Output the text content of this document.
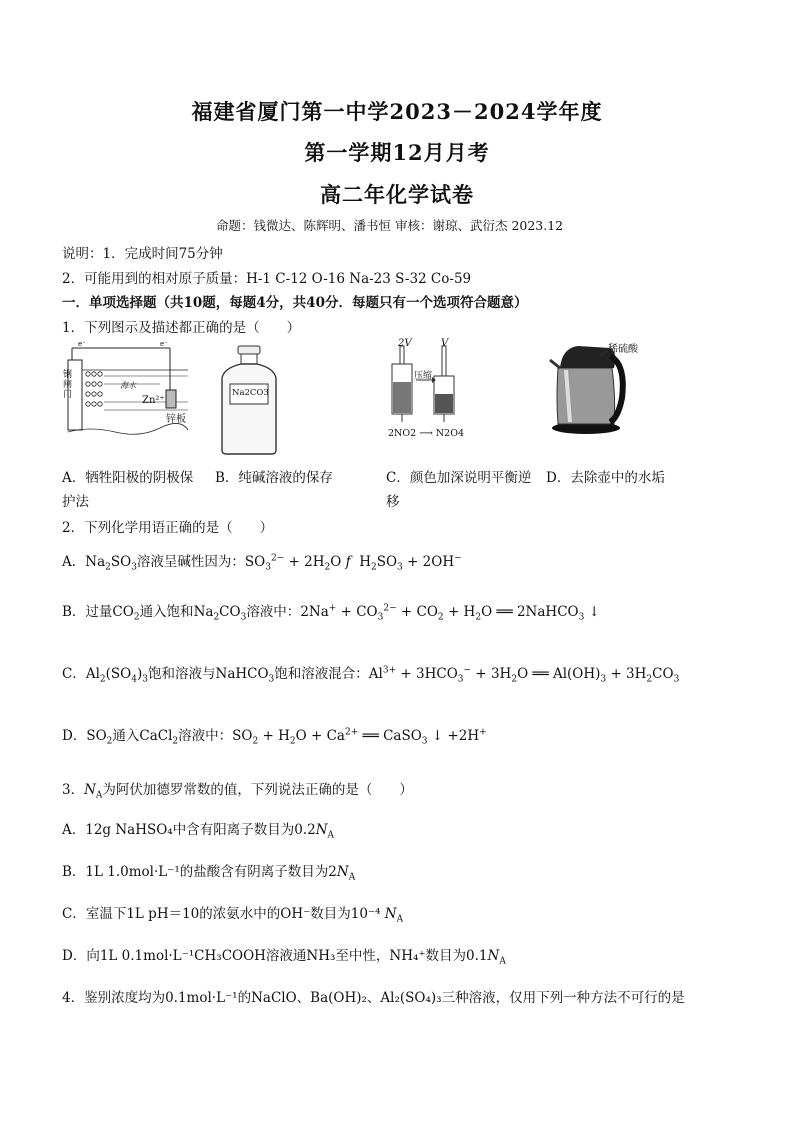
福建省厦门第一中学2023－2024学年度
第一学期12月月考
高二年化学试卷
命题：钱微达、陈辉明、潘书恒 审核：谢琼、武衍杰 2023.12
说明：1．完成时间75分钟
2．可能用到的相对原子质量：H-1 C-12 O-16 Na-23 S-32 Co-59
一．单项选择题（共10题，每题4分，共40分．每题只有一个选项符合题意）
1．下列图示及描述都正确的是（　　）
钢闸门
海水
Zn²⁺
锌板
e⁻	e⁻
Na2CO3
2V	V
压缩
2NO2 ⟶ N2O4
稀硫酸
A．牺牲阳极的阴极保
护法
B．纯碱溶液的保存	C．颜色加深说明平衡逆
移
D．去除壶中的水垢
2．下列化学用语正确的是（　　）
A．$Na_2SO_3$溶液呈碱性因为：$SO_3^{2-} + 2H_2O$ f  $H_2SO_3 + 2OH^-$
B．过量$CO_2$通入饱和$Na_2CO_3$溶液中：$2Na^+ + CO_3^{2-} + CO_2 + H_2O$ ══ 2NaHCO$_3$ ↓
C．$Al_2(SO_4)_3$饱和溶液与NaHCO$_3$饱和溶液混合：$Al^{3+} + 3HCO_3^- + 3H_2O$ ══ $Al(OH)_3 + 3H_2CO_3$
D．$SO_2$通入CaCl$_2$溶液中：$SO_2 + H_2O + Ca^{2+}$ ══ CaSO$_3$ ↓ +2H+
3．$N_A$为阿伏加德罗常数的值，下列说法正确的是（　　）
A．12g NaHSO₄中含有阳离子数目为$0.2N_A$
B．1L 1.0mol·L⁻¹的盐酸含有阴离子数目为$2N_A$
C．室温下1L pH＝10的浓氨水中的OH⁻数目为10⁻⁴ $N_A$
D．向1L 0.1mol·L⁻¹CH₃COOH溶液通NH₃至中性，NH₄⁺数目为$0.1N_A$
4．鉴别浓度均为0.1mol·L⁻¹的NaClO、Ba(OH)₂、Al₂(SO₄)₃三种溶液，仅用下列一种方法不可行的是
